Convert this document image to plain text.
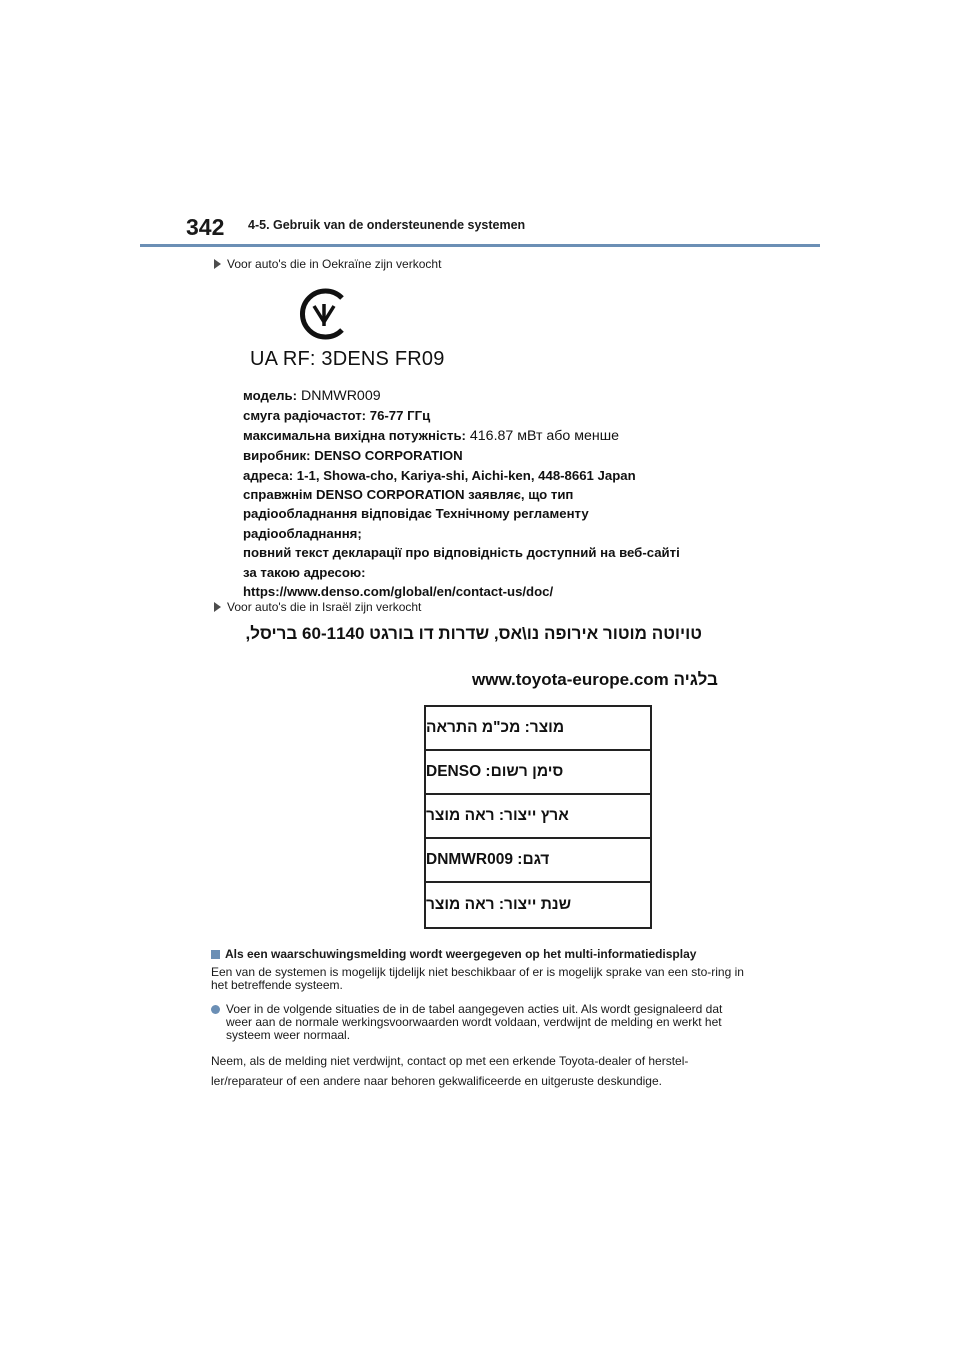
342 4-5. Gebruik van de ondersteunende systemen
Voor auto's die in Oekraïne zijn verkocht
UA RF: 3DENS FR09
модель: DNMWR009
смуга радіочастот: 76-77 ГГц
максимальна вихідна потужність: 416.87 мВт або менше
виробник: DENSO CORPORATION
адреса: 1-1, Showa-cho, Kariya-shi, Aichi-ken, 448-8661 Japan
справжнім DENSO CORPORATION заявляє, що тип
радіообладнання відповідає Технічному регламенту
радіообладнання;
повний текст декларації про відповідність доступний на веб-сайті
за такою адресою:
https://www.denso.com/global/en/contact-us/doc/
Voor auto's die in Israël zijn verkocht
טויוטה מוטור אירופה נו\אס, שדרות דו בורגט 60-1140 בריסל,
www.toyota-europe.com בלגיה
מוצר: מכ"מ התראה
סימן רשום: DENSO
ארץ ייצור: ראה מוצר
דגם: DNMWR009
שנת ייצור: ראה מוצר
Als een waarschuwingsmelding wordt weergegeven op het multi-informatiedisplay
Een van de systemen is mogelijk tijdelijk niet beschikbaar of er is mogelijk sprake van een sto-ring in het betreffende systeem.
Voer in de volgende situaties de in de tabel aangegeven acties uit. Als wordt gesignaleerd dat weer aan de normale werkingsvoorwaarden wordt voldaan, verdwijnt de melding en werkt het systeem weer normaal.
Neem, als de melding niet verdwijnt, contact op met een erkende Toyota-dealer of herstel-
ler/reparateur of een andere naar behoren gekwalificeerde en uitgeruste deskundige.
